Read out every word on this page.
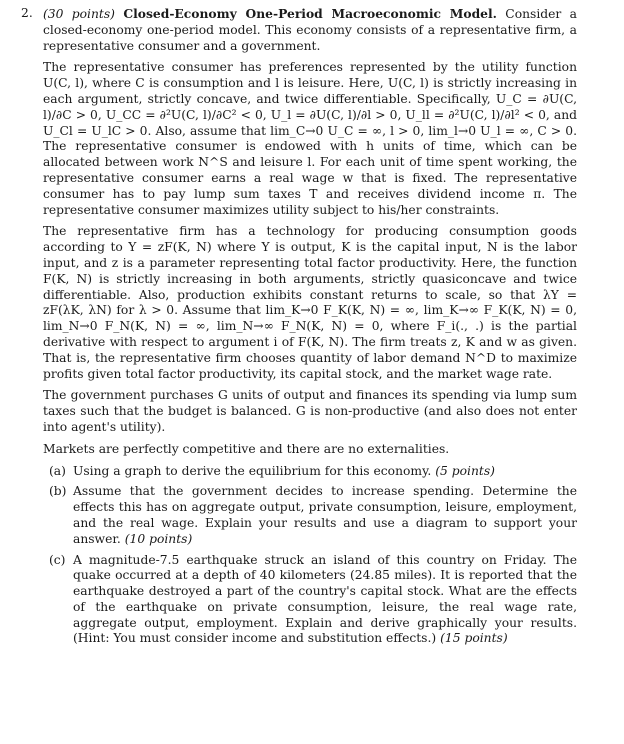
2. (30 points) Closed-Economy One-Period Macroeconomic Model. Consider a closed-economy one-period model. This economy consists of a representative firm, a representative consumer and a government.

The representative consumer has preferences represented by the utility function U(C, l), where C is consumption and l is leisure. Here, U(C, l) is strictly increasing in each argument, strictly concave, and twice differentiable. Specifically, U_C = ∂U(C, l)/∂C > 0, U_CC = ∂²U(C, l)/∂C² < 0, U_l = ∂U(C, l)/∂l > 0, U_ll = ∂²U(C, l)/∂l² < 0, and U_Cl = U_lC > 0. Also, assume that lim_C→0 U_C = ∞, l > 0, lim_l→0 U_l = ∞, C > 0. The representative consumer is endowed with h units of time, which can be allocated between work N^S and leisure l. For each unit of time spent working, the representative consumer earns a real wage w that is fixed. The representative consumer has to pay lump sum taxes T and receives dividend income π. The representative consumer maximizes utility subject to his/her constraints.

The representative firm has a technology for producing consumption goods according to Y = zF(K, N) where Y is output, K is the capital input, N is the labor input, and z is a parameter representing total factor productivity. Here, the function F(K, N) is strictly increasing in both arguments, strictly quasiconcave and twice differentiable. Also, production exhibits constant returns to scale, so that λY = zF(λK, λN) for λ > 0. Assume that lim_K→0 F_K(K, N) = ∞, lim_K→∞ F_K(K, N) = 0, lim_N→0 F_N(K, N) = ∞, lim_N→∞ F_N(K, N) = 0, where F_i(., .) is the partial derivative with respect to argument i of F(K, N). The firm treats z, K and w as given. That is, the representative firm chooses quantity of labor demand N^D to maximize profits given total factor productivity, its capital stock, and the market wage rate.

The government purchases G units of output and finances its spending via lump sum taxes such that the budget is balanced. G is non-productive (and also does not enter into agent's utility).

Markets are perfectly competitive and there are no externalities.

(a) Using a graph to derive the equilibrium for this economy. (5 points)
(b) Assume that the government decides to increase spending. Determine the effects this has on aggregate output, private consumption, leisure, employment, and the real wage. Explain your results and use a diagram to support your answer. (10 points)
(c) A magnitude-7.5 earthquake struck an island of this country on Friday. The quake occurred at a depth of 40 kilometers (24.85 miles). It is reported that the earthquake destroyed a part of the country's capital stock. What are the effects of the earthquake on private consumption, leisure, the real wage rate, aggregate output, employment. Explain and derive graphically your results. (Hint: You must consider income and substitution effects.) (15 points)
